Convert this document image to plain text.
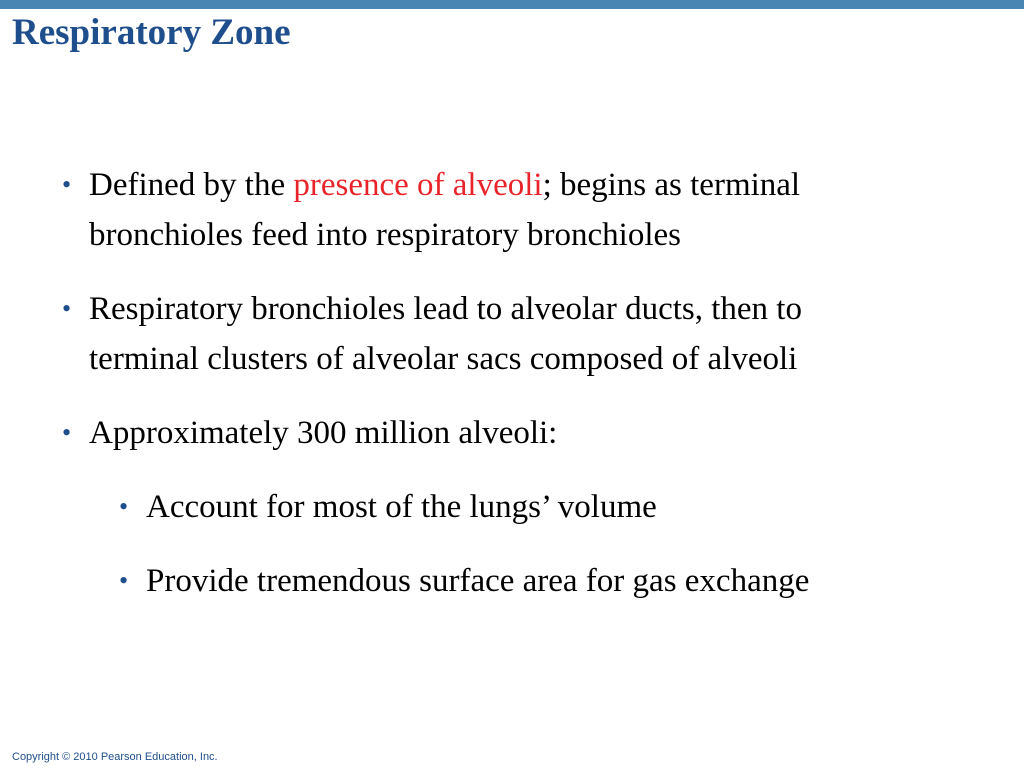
Respiratory Zone
• Defined by the presence of alveoli; begins as terminal
bronchioles feed into respiratory bronchioles
• Respiratory bronchioles lead to alveolar ducts, then to
terminal clusters of alveolar sacs composed of alveoli
• Approximately 300 million alveoli:
• Account for most of the lungs’ volume
• Provide tremendous surface area for gas exchange
Copyright © 2010 Pearson Education, Inc.
